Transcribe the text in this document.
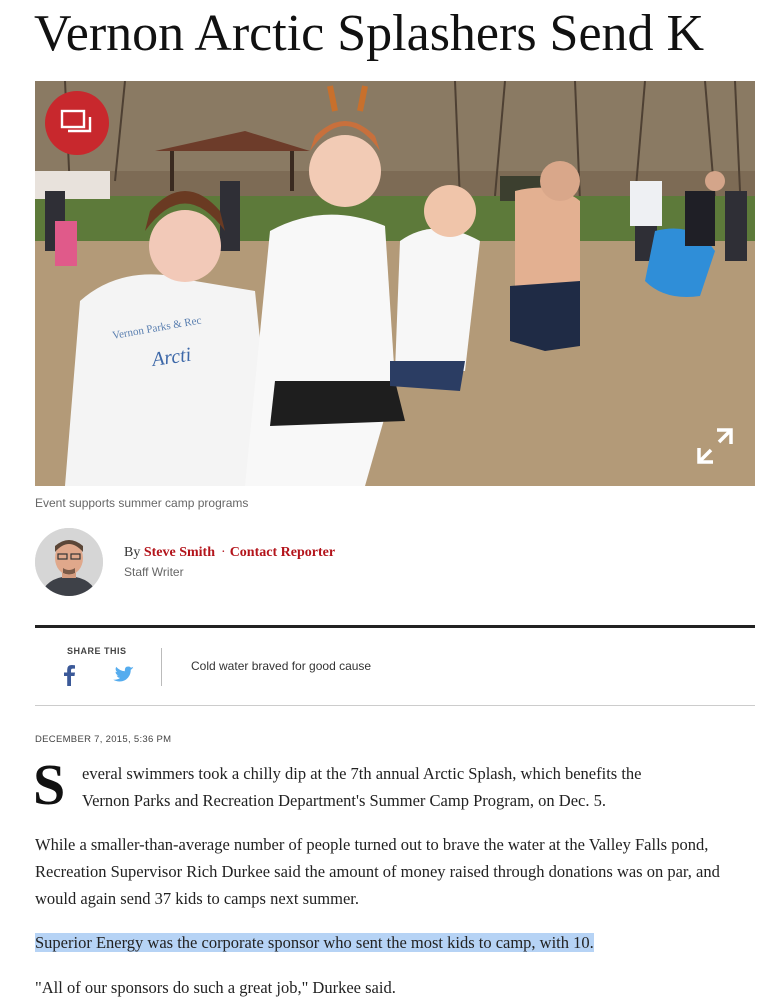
Vernon Arctic Splashers Send K
Vernon Parks & Rec
Arcti
Event supports summer camp programs
By Steve Smith · Contact Reporter
Staff Writer
SHARE THIS
Cold water braved for good cause
DECEMBER 7, 2015, 5:36 PM
S everal swimmers took a chilly dip at the 7th annual Arctic Splash, which benefits the

Vernon Parks and Recreation Department's Summer Camp Program, on Dec. 5.

While a smaller-than-average number of people turned out to brave the water at the Valley Falls pond, Recreation Supervisor Rich Durkee said the amount of money raised through donations was on par, and would again send 37 kids to camps next summer.

Superior Energy was the corporate sponsor who sent the most kids to camp, with 10.

"All of our sponsors do such a great job," Durkee said.
